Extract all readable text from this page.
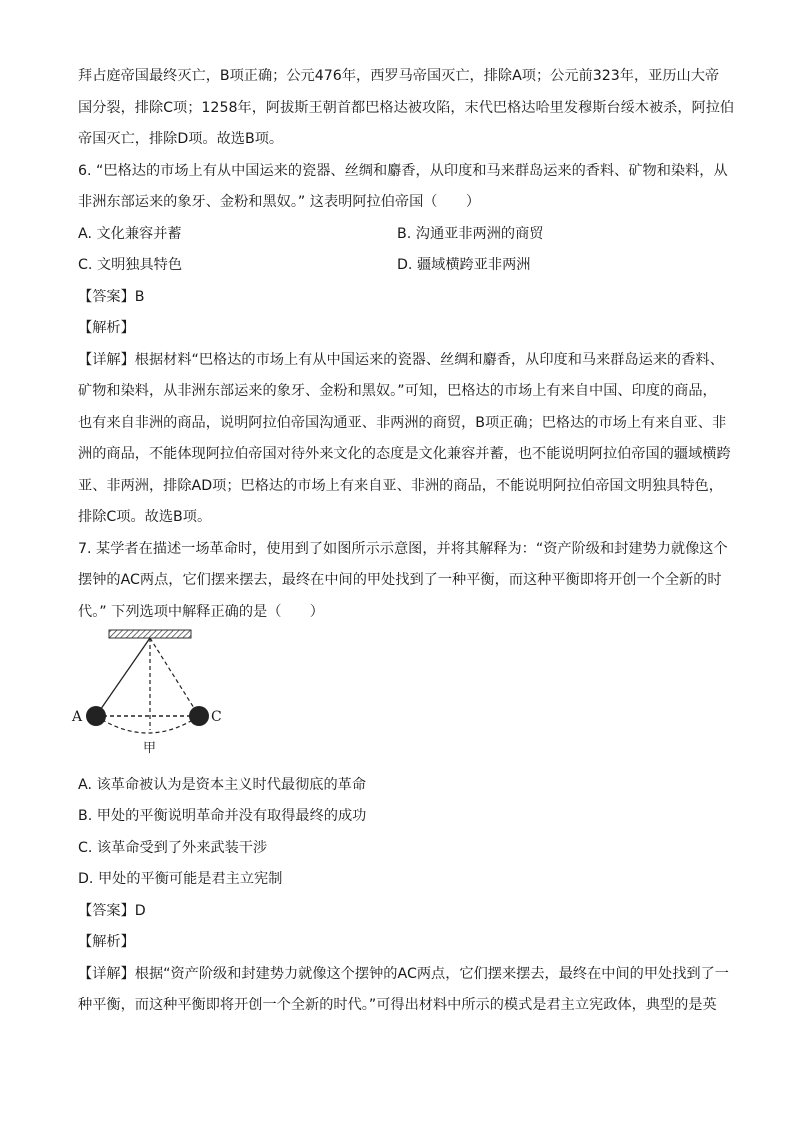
拜占庭帝国最终灭亡，B项正确；公元476年，西罗马帝国灭亡，排除A项；公元前323年，亚历山大帝
国分裂，排除C项；1258年，阿拔斯王朝首都巴格达被攻陷，末代巴格达哈里发穆斯台绥木被杀，阿拉伯
帝国灭亡，排除D项。故选B项。
6. “巴格达的市场上有从中国运来的瓷器、丝绸和麝香，从印度和马来群岛运来的香料、矿物和染料，从
非洲东部运来的象牙、金粉和黑奴。” 这表明阿拉伯帝国（　　）
A. 文化兼容并蓄	B. 沟通亚非两洲的商贸
C. 文明独具特色	D. 疆域横跨亚非两洲
【答案】B
【解析】
【详解】根据材料“巴格达的市场上有从中国运来的瓷器、丝绸和麝香，从印度和马来群岛运来的香料、
矿物和染料，从非洲东部运来的象牙、金粉和黑奴。”可知，巴格达的市场上有来自中国、印度的商品，
也有来自非洲的商品，说明阿拉伯帝国沟通亚、非两洲的商贸，B项正确；巴格达的市场上有来自亚、非
洲的商品，不能体现阿拉伯帝国对待外来文化的态度是文化兼容并蓄，也不能说明阿拉伯帝国的疆域横跨
亚、非两洲，排除AD项；巴格达的市场上有来自亚、非洲的商品，不能说明阿拉伯帝国文明独具特色，
排除C项。故选B项。
7. 某学者在描述一场革命时，使用到了如图所示示意图，并将其解释为：“资产阶级和封建势力就像这个
摆钟的AC两点，它们摆来摆去，最终在中间的甲处找到了一种平衡，而这种平衡即将开创一个全新的时
代。” 下列选项中解释正确的是（　　）
A	C
甲
A. 该革命被认为是资本主义时代最彻底的革命
B. 甲处的平衡说明革命并没有取得最终的成功
C. 该革命受到了外来武装干涉
D. 甲处的平衡可能是君主立宪制
【答案】D
【解析】
【详解】根据“资产阶级和封建势力就像这个摆钟的AC两点，它们摆来摆去，最终在中间的甲处找到了一
种平衡，而这种平衡即将开创一个全新的时代。”可得出材料中所示的模式是君主立宪政体，典型的是英
